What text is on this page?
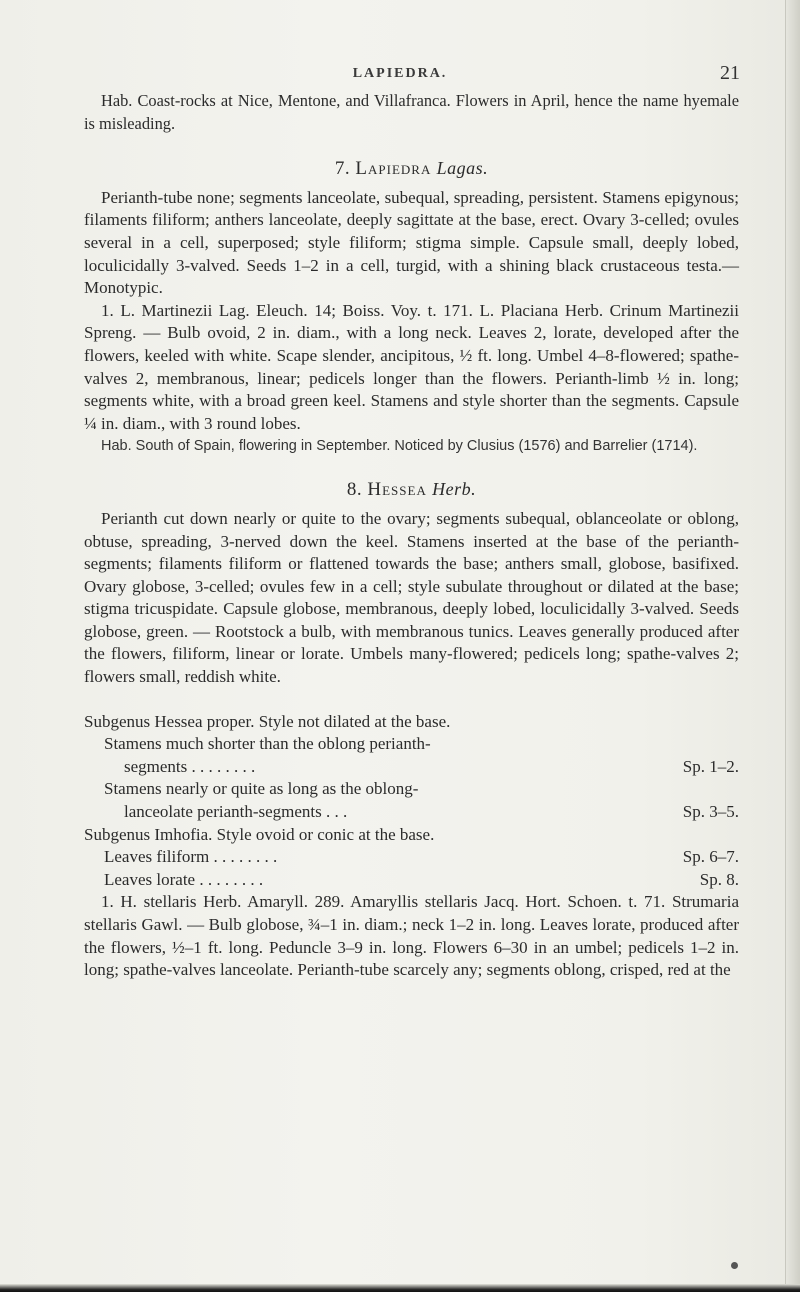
LAPIEDRA.	21

Hab. Coast-rocks at Nice, Mentone, and Villafranca. Flowers in April, hence the name hyemale is misleading.

7. Lapiedra Lagas.

Perianth-tube none; segments lanceolate, subequal, spreading, persistent. Stamens epigynous; filaments filiform; anthers lanceolate, deeply sagittate at the base, erect. Ovary 3-celled; ovules several in a cell, superposed; style filiform; stigma simple. Capsule small, deeply lobed, loculicidally 3-valved. Seeds 1–2 in a cell, turgid, with a shining black crustaceous testa.—Monotypic.

1. L. Martinezii Lag. Eleuch. 14; Boiss. Voy. t. 171. L. Placiana Herb. Crinum Martinezii Spreng. — Bulb ovoid, 2 in. diam., with a long neck. Leaves 2, lorate, developed after the flowers, keeled with white. Scape slender, ancipitous, ½ ft. long. Umbel 4–8-flowered; spathe-valves 2, membranous, linear; pedicels longer than the flowers. Perianth-limb ½ in. long; segments white, with a broad green keel. Stamens and style shorter than the segments. Capsule ¼ in. diam., with 3 round lobes.

Hab. South of Spain, flowering in September. Noticed by Clusius (1576) and Barrelier (1714).

8. Hessea Herb.

Perianth cut down nearly or quite to the ovary; segments subequal, oblanceolate or oblong, obtuse, spreading, 3-nerved down the keel. Stamens inserted at the base of the perianth-segments; filaments filiform or flattened towards the base; anthers small, globose, basifixed. Ovary globose, 3-celled; ovules few in a cell; style subulate throughout or dilated at the base; stigma tricuspidate. Capsule globose, membranous, deeply lobed, loculicidally 3-valved. Seeds globose, green. — Rootstock a bulb, with membranous tunics. Leaves generally produced after the flowers, filiform, linear or lorate. Umbels many-flowered; pedicels long; spathe-valves 2; flowers small, reddish white.

Subgenus Hessea proper. Style not dilated at the base.
Stamens much shorter than the oblong perianth-
segments . . . . . . . .	Sp. 1–2.
Stamens nearly or quite as long as the oblong-
lanceolate perianth-segments . . .	Sp. 3–5.
Subgenus Imhofia. Style ovoid or conic at the base.
Leaves filiform . . . . . . . .	Sp. 6–7.
Leaves lorate . . . . . . . .	Sp. 8.

1. H. stellaris Herb. Amaryll. 289. Amaryllis stellaris Jacq. Hort. Schoen. t. 71. Strumaria stellaris Gawl. — Bulb globose, ¾–1 in. diam.; neck 1–2 in. long. Leaves lorate, produced after the flowers, ½–1 ft. long. Peduncle 3–9 in. long. Flowers 6–30 in an umbel; pedicels 1–2 in. long; spathe-valves lanceolate. Perianth-tube scarcely any; segments oblong, crisped, red at the
